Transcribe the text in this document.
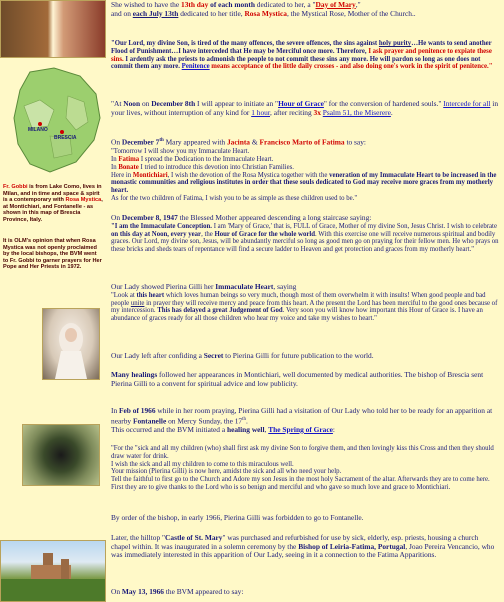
MILANO
BRESCIA
Fr. Gobbi is from Lake Como, lives in Milan, and in time and space & spirit is a contemporary with Rosa Mystica, at Montichiari, and Fontanelle - as shown in this map of Brescia Province, Italy.
It is OLM's opinion that when Rosa Mystica was not openly proclaimed by the local bishops, the BVM went to Fr. Gobbi to garner prayers for Her Pope and Her Priests in 1972.

She wished to have the 13th day of each month dedicated to her, a "Day of Mary,"
and on each July 13th dedicated to her title, Rosa Mystica, the Mystical Rose, Mother of the Church..

"Our Lord, my divine Son, is tired of the many offences, the severe offences, the sins against holy purity…He wants to send another Flood of Punishment…I have interceded that He may be Merciful once more. Therefore, I ask prayer and penitence to expiate these sins. I ardently ask the priests to admonish the people to not commit these sins any more. He will pardon so long as one does not commit them any more. Penitence means acceptance of the little daily crosses - and also doing one's work in the spirit of penitence."

"At Noon on December 8th I will appear to initiate an "Hour of Grace" for the conversion of hardened souls." Intercede for all in your lives, without interruption of any kind for 1 hour, after reciting 3x Psalm 51, the Miserere.

On December 7th Mary appeared with Jacinta & Francisco Marto of Fatima to say:

"Tomorrow I will show you my Immaculate Heart.
In Fatima I spread the Dedication to the Immaculate Heart.
In Bonate I tried to introduce this devotion into Christian Families.
Here in Montichiari, I wish the devotion of the Rosa Mystica together with the veneration of my Immaculate Heart to be increased in the monastic communities and religious institutes in order that these souls dedicated to God may receive more graces from my motherly heart.
As for the two children of Fatima, I wish you to be as simple as these children used to be."

On December 8, 1947 the Blessed Mother appeared descending a long staircase saying:

"I am the Immaculate Conception. I am 'Mary of Grace,' that is, FULL of Grace, Mother of my divine Son, Jesus Christ. I wish to celebrate on this day at Noon, every year, the Hour of Grace for the whole world. With this exercise one will receive numerous spiritual and bodily graces. Our Lord, my divine son, Jesus, will be abundantly merciful so long as good men go on praying for their fellow men. He who prays on these bricks and sheds tears of repentance will find a secure ladder to Heaven and get protection and graces from my motherly heart."

Our Lady showed Pierina Gilli her Immaculate Heart, saying

"Look at this heart which loves human beings so very much, though most of them overwhelm it with insults! When good people and bad people unite in prayer they will receive mercy and peace from this heart. A the present the Lord has been merciful to the good ones because of my intercession. This has delayed a great Judgement of God. Very soon you will know how important this Hour of Grace is. I have an abundance of graces ready for all those children who hear my voice and take my wishes to heart."

Our Lady left after confiding a Secret to Pierina Gilli for future publication to the world.

Many healings followed her appearances in Montichiari, well documented by medical authorities. The bishop of Brescia sent Pierina Gilli to a convent for spiritual advice and low publicity.

In Feb of 1966 while in her room praying, Pierina Gilli had a visitation of Our Lady who told her to be ready for an apparition at nearby Fontanelle on Mercy Sunday, the 17th.
This occurred and the BVM initiated a healing well, The Spring of Grace:

"For the "sick and all my children (who) shall first ask my divine Son to forgive them, and then lovingly kiss this Cross and then they should draw water for drink.
I wish the sick and all my children to come to this miraculous well.
Your mission (Pierina Gilli) is now here, amidst the sick and all who need your help.
Tell the faithful to first go to the Church and Adore my son Jesus in the most holy Sacrament of the altar. Afterwards they are to come here. First they are to give thanks to the Lord who is so benign and merciful and who gave so much love and grace to Montichiari.

By order of the bishop, in early 1966, Pierina Gilli was forbidden to go to Fontanelle.

Later, the hilltop "Castle of St. Mary" was purchased and refurbished for use by sick, elderly, esp. priests, housing a church chapel within. It was inaugurated in a solemn ceremony by the Bishop of Leiria-Fatima, Portugal, Joao Pereira Vencancio, who was immediately interested in this apparition of Our Lady, seeing in it a connection to the Fatima Apparitions.

On May 13, 1966 the BVM appeared to say:
